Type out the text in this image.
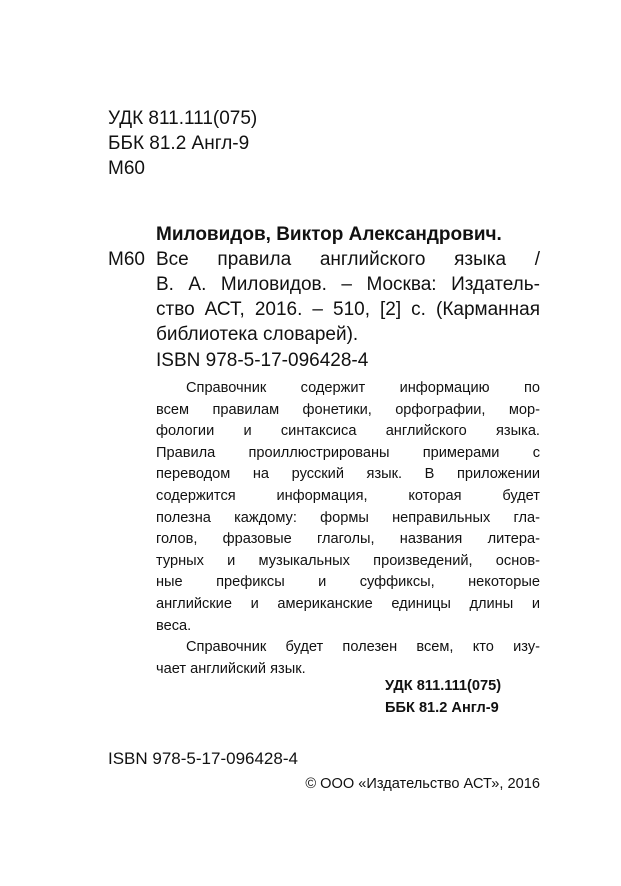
УДК 811.111(075)
ББК 81.2 Англ-9
М60
Миловидов, Виктор Александрович.
М60 Все правила английского языка /
В. А. Миловидов. – Москва: Издатель-
ство АСТ, 2016. – 510, [2] с. (Карманная
библиотека словарей).
ISBN 978-5-17-096428-4
Справочник содержит информацию по
всем правилам фонетики, орфографии, мор-
фологии и синтаксиса английского языка.
Правила проиллюстрированы примерами с
переводом на русский язык. В приложении
содержится информация, которая будет
полезна каждому: формы неправильных гла-
голов, фразовые глаголы, названия литера-
турных и музыкальных произведений, основ-
ные префиксы и суффиксы, некоторые
английские и американские единицы длины и
веса.
Справочник будет полезен всем, кто изу-
чает английский язык.
УДК 811.111(075)
ББК 81.2 Англ-9
ISBN 978-5-17-096428-4
© ООО «Издательство АСТ», 2016
